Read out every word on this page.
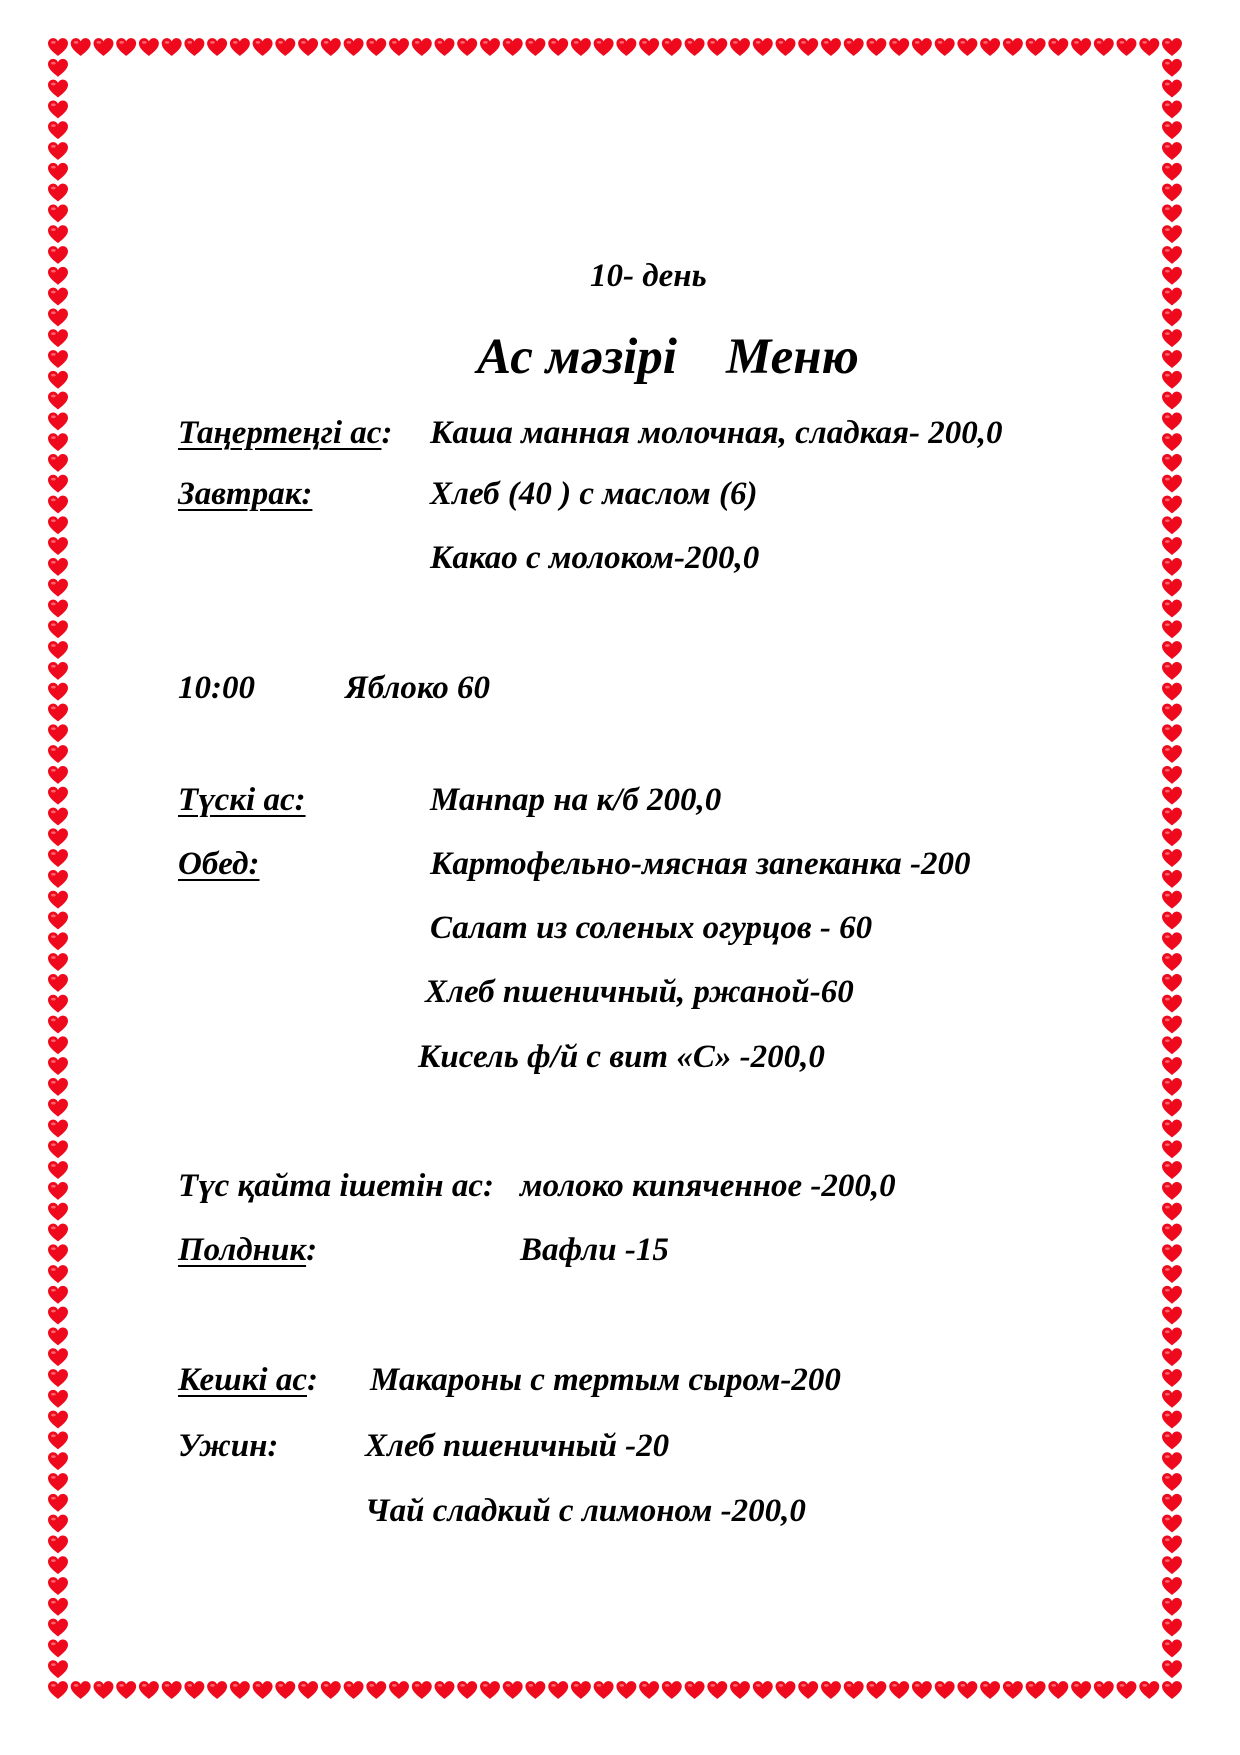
10- день
Ас мәзірі Меню
Таңертеңгі ас: Каша манная молочная, сладкая- 200,0
Завтрак:	Хлеб (40 ) с маслом (6)
Какао с молоком-200,0
10:00	Яблоко 60
Түскі ас:	Манпар на к/б 200,0
Обед:	Картофельно-мясная запеканка -200
Салат из соленых огурцов - 60
Хлеб пшеничный, ржаной-60
Кисель ф/й с вит «С» -200,0
Түс қайта ішетін ас: молоко кипяченное -200,0
Полдник:	Вафли -15
Кешкі ас: Макароны с тертым сыром-200
Ужин:	Хлеб пшеничный -20
Чай сладкий с лимоном -200,0
